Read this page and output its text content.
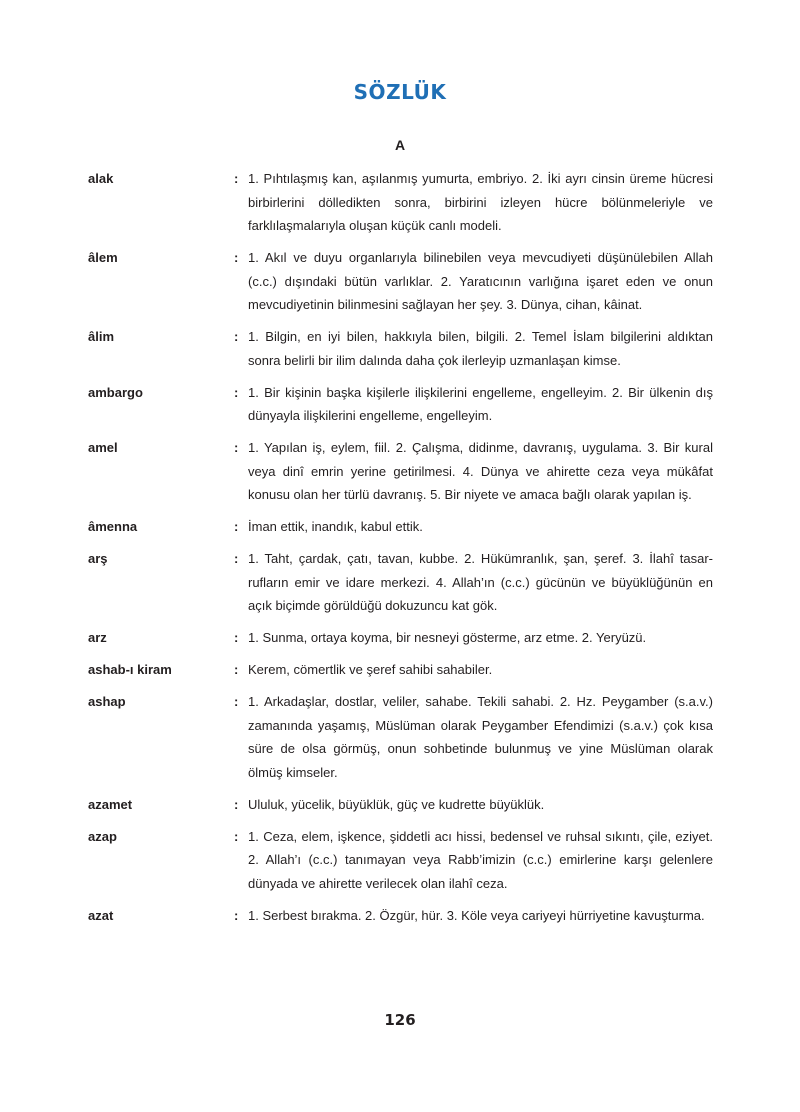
SÖZLÜK
A
alak	: 1. Pıhtılaşmış kan, aşılanmış yumurta, embriyo. 2. İki ayrı cinsin üreme hücresi birbirlerini dölledikten sonra, birbirini izleyen hücre bölünmeleriyle ve farklılaşmalarıyla oluşan küçük canlı modeli.
âlem	: 1. Akıl ve duyu organlarıyla bilinebilen veya mevcudiyeti düşünülebilen Allah (c.c.) dışındaki bütün varlıklar. 2. Yaratıcının varlığına işaret eden ve onun mevcudiyetinin bilinmesini sağlayan her şey. 3. Dünya, cihan, kâinat.
âlim	: 1. Bilgin, en iyi bilen, hakkıyla bilen, bilgili. 2. Temel İslam bilgilerini aldıktan sonra belirli bir ilim dalında daha çok ilerleyip uzmanlaşan kimse.
ambargo	: 1. Bir kişinin başka kişilerle ilişkilerini engelleme, engelleyim. 2. Bir ülkenin dış dünyayla ilişkilerini engelleme, engelleyim.
amel	: 1. Yapılan iş, eylem, fiil. 2. Çalışma, didinme, davranış, uygulama. 3. Bir kural veya dinî emrin yerine getirilmesi. 4. Dünya ve ahirette ceza veya mükâfat konusu olan her türlü davranış. 5. Bir niyete ve amaca bağlı olarak yapılan iş.
âmenna	: İman ettik, inandık, kabul ettik.
arş	: 1. Taht, çardak, çatı, tavan, kubbe. 2. Hükümranlık, şan, şeref. 3. İlahî tasarrufların emir ve idare merkezi. 4. Allah’ın (c.c.) gücünün ve büyüklüğünün en açık biçimde görüldüğü dokuzuncu kat gök.
arz	: 1. Sunma, ortaya koyma, bir nesneyi gösterme, arz etme. 2. Yeryüzü.
ashab-ı kiram	: Kerem, cömertlik ve şeref sahibi sahabiler.
ashap	: 1. Arkadaşlar, dostlar, veliler, sahabe. Tekili sahabi. 2. Hz. Peygamber (s.a.v.) zamanında yaşamış, Müslüman olarak Peygamber Efendimizi (s.a.v.) çok kısa süre de olsa görmüş, onun sohbetinde bulunmuş ve yine Müslüman olarak ölmüş kimseler.
azamet	: Ululuk, yücelik, büyüklük, güç ve kudrette büyüklük.
azap	: 1. Ceza, elem, işkence, şiddetli acı hissi, bedensel ve ruhsal sıkıntı, çile, eziyet. 2. Allah’ı (c.c.) tanımayan veya Rabb’imizin (c.c.) emirlerine karşı gelenlere dünyada ve ahirette verilecek olan ilahî ceza.
azat	: 1. Serbest bırakma. 2. Özgür, hür. 3. Köle veya cariyeyi hürriyetine kavuşturma.
126
